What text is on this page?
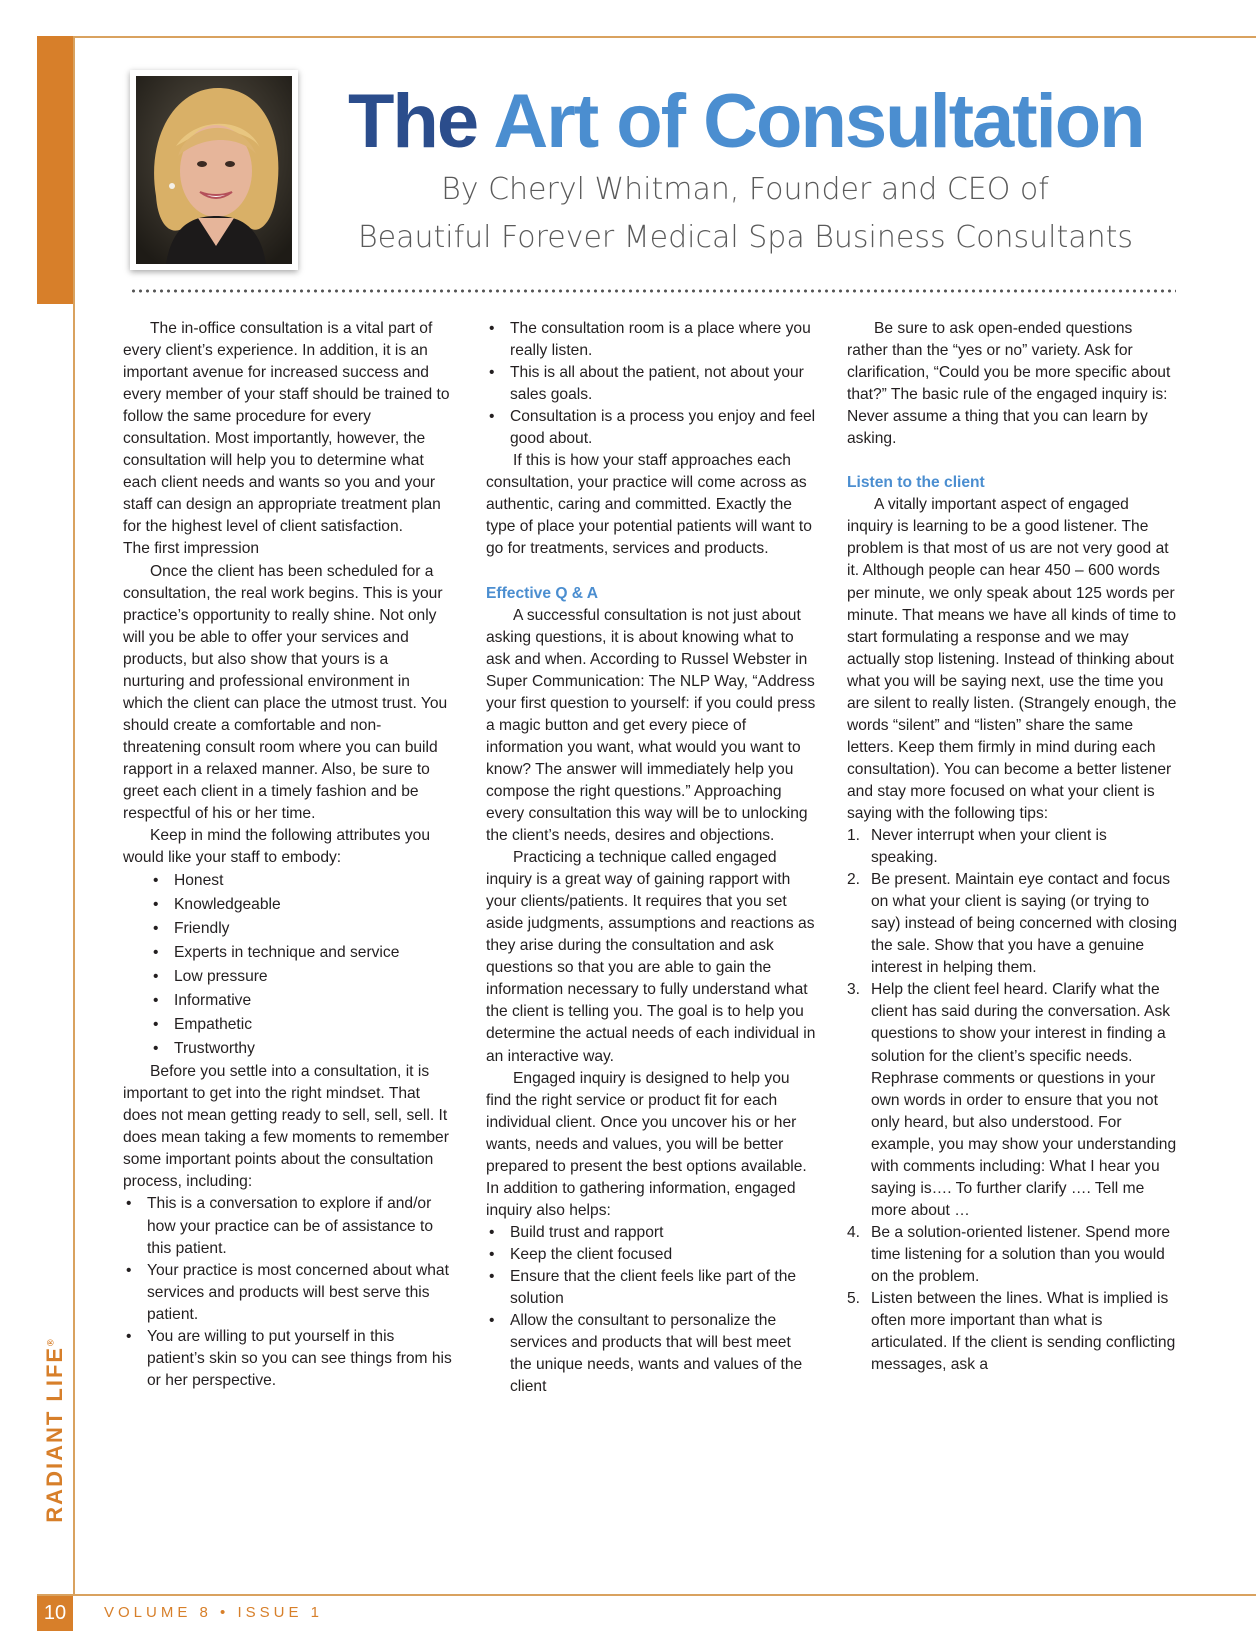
FEATURE
RADIANT LIFE®
10	VOLUME 8 • ISSUE 1
The Art of Consultation
By Cheryl Whitman, Founder and CEO of
Beautiful Forever Medical Spa Business Consultants

The in-office consultation is a vital part of every client’s experience. In addition, it is an important avenue for increased success and every member of your staff should be trained to follow the same procedure for every consultation. Most importantly, however, the consultation will help you to determine what each client needs and wants so you and your staff can design an appropriate treatment plan for the highest level of client satisfaction.

The first impression

Once the client has been scheduled for a consultation, the real work begins. This is your practice’s opportunity to really shine. Not only will you be able to offer your services and products, but also show that yours is a nurturing and professional environment in which the client can place the utmost trust. You should create a comfortable and non-threatening consult room where you can build rapport in a relaxed manner. Also, be sure to greet each client in a timely fashion and be respectful of his or her time.

Keep in mind the following attributes you would like your staff to embody:

• Honest
• Knowledgeable
• Friendly
• Experts in technique and service
• Low pressure
• Informative
• Empathetic
• Trustworthy

Before you settle into a consultation, it is important to get into the right mindset. That does not mean getting ready to sell, sell, sell. It does mean taking a few moments to remember some important points about the consultation process, including:

• This is a conversation to explore if and/or how your practice can be of assistance to this patient.
• Your practice is most concerned about what services and products will best serve this patient.
• You are willing to put yourself in this patient’s skin so you can see things from his or her perspective.
• The consultation room is a place where you really listen.
• This is all about the patient, not about your sales goals.
• Consultation is a process you enjoy and feel good about.

If this is how your staff approaches each consultation, your practice will come across as authentic, caring and committed. Exactly the type of place your potential patients will want to go for treatments, services and products.

Effective Q & A

A successful consultation is not just about asking questions, it is about knowing what to ask and when. According to Russel Webster in Super Communication: The NLP Way, “Address your first question to yourself: if you could press a magic button and get every piece of information you want, what would you want to know? The answer will immediately help you compose the right questions.” Approaching every consultation this way will be to unlocking the client’s needs, desires and objections.

Practicing a technique called engaged inquiry is a great way of gaining rapport with your clients/patients. It requires that you set aside judgments, assumptions and reactions as they arise during the consultation and ask questions so that you are able to gain the information necessary to fully understand what the client is telling you. The goal is to help you determine the actual needs of each individual in an interactive way.

Engaged inquiry is designed to help you find the right service or product fit for each individual client. Once you uncover his or her wants, needs and values, you will be better prepared to present the best options available. In addition to gathering information, engaged inquiry also helps:

• Build trust and rapport
• Keep the client focused
• Ensure that the client feels like part of the solution
• Allow the consultant to personalize the services and products that will best meet the unique needs, wants and values of the client

Be sure to ask open-ended questions rather than the “yes or no” variety. Ask for clarification, “Could you be more specific about that?” The basic rule of the engaged inquiry is: Never assume a thing that you can learn by asking.

Listen to the client

A vitally important aspect of engaged inquiry is learning to be a good listener. The problem is that most of us are not very good at it. Although people can hear 450 – 600 words per minute, we only speak about 125 words per minute. That means we have all kinds of time to start formulating a response and we may actually stop listening. Instead of thinking about what you will be saying next, use the time you are silent to really listen. (Strangely enough, the words “silent” and “listen” share the same letters. Keep them firmly in mind during each consultation). You can become a better listener and stay more focused on what your client is saying with the following tips:

1. Never interrupt when your client is speaking.
2. Be present. Maintain eye contact and focus on what your client is saying (or trying to say) instead of being concerned with closing the sale. Show that you have a genuine interest in helping them.
3. Help the client feel heard. Clarify what the client has said during the conversation. Ask questions to show your interest in finding a solution for the client’s specific needs. Rephrase comments or questions in your own words in order to ensure that you not only heard, but also understood. For example, you may show your understanding with comments including: What I hear you saying is…. To further clarify …. Tell me more about …
4. Be a solution-oriented listener. Spend more time listening for a solution than you would on the problem.
5. Listen between the lines. What is implied is often more important than what is articulated. If the client is sending conflicting messages, ask a
